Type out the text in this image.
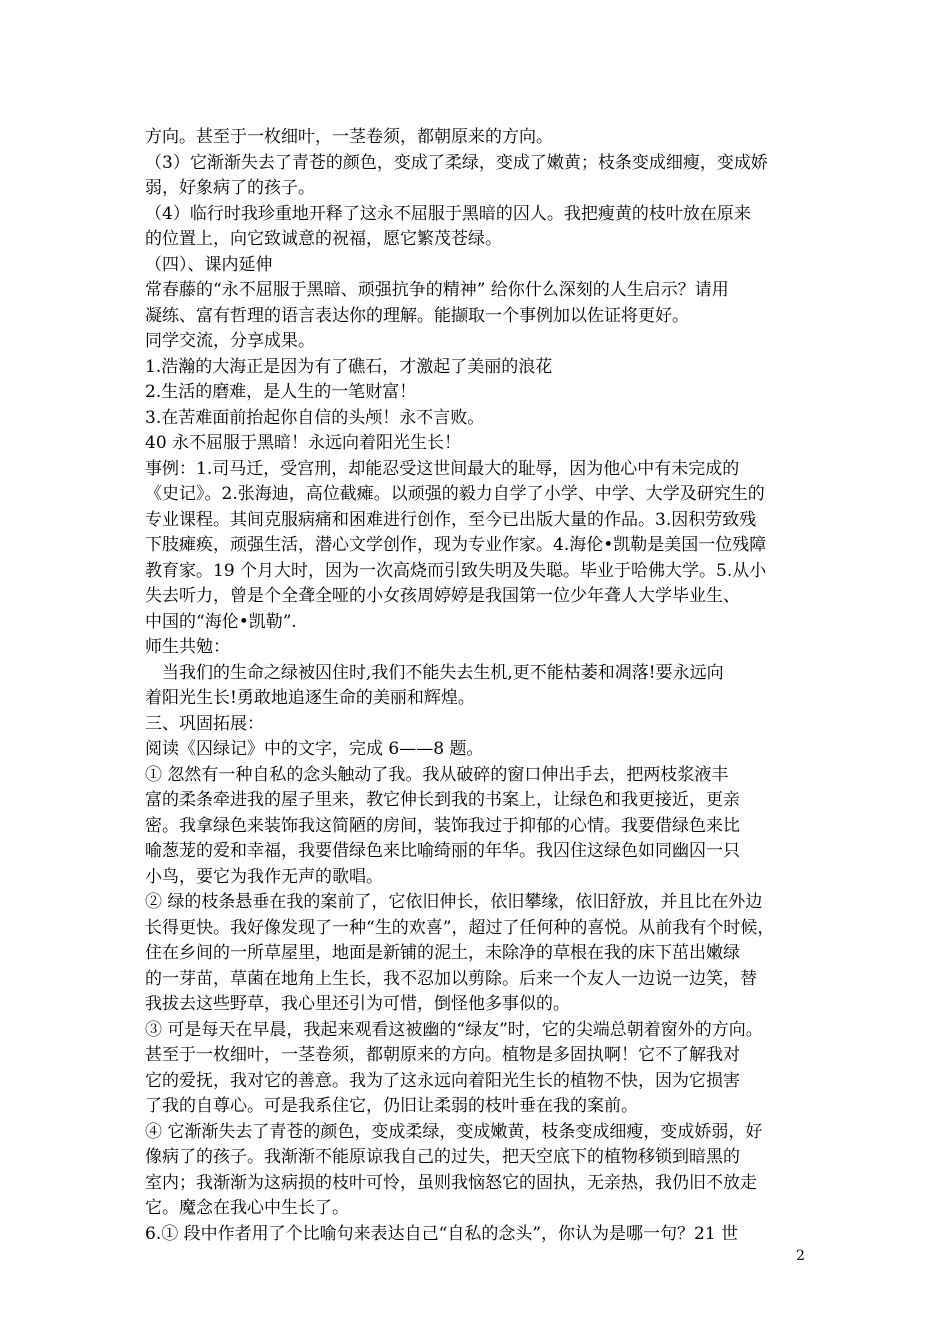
方向。甚至于一枚细叶，一茎卷须，都朝原来的方向。
（3）它渐渐失去了青苍的颜色，变成了柔绿，变成了嫩黄；枝条变成细瘦，变成娇
弱，好象病了的孩子。
（4）临行时我珍重地开释了这永不屈服于黑暗的囚人。我把瘦黄的枝叶放在原来
的位置上，向它致诚意的祝福，愿它繁茂苍绿。
（四）、课内延伸
常春藤的“永不屈服于黑暗、顽强抗争的精神” 给你什么深刻的人生启示？请用
凝练、富有哲理的语言表达你的理解。能撷取一个事例加以佐证将更好。
同学交流，分享成果。
1.浩瀚的大海正是因为有了礁石，才激起了美丽的浪花
2.生活的磨难，是人生的一笔财富！
3.在苦难面前抬起你自信的头颅！永不言败。
40 永不屈服于黑暗！永远向着阳光生长！
事例：1.司马迁，受宫刑，却能忍受这世间最大的耻辱，因为他心中有未完成的
《史记》。2.张海迪，高位截瘫。以顽强的毅力自学了小学、中学、大学及研究生的
专业课程。其间克服病痛和困难进行创作，至今已出版大量的作品。3.因积劳致残
下肢瘫痪，顽强生活，潜心文学创作，现为专业作家。4.海伦•凯勒是美国一位残障
教育家。19 个月大时，因为一次高烧而引致失明及失聪。毕业于哈佛大学。5.从小
失去听力，曾是个全聋全哑的小女孩周婷婷是我国第一位少年聋人大学毕业生、
中国的“海伦•凯勒”.
师生共勉：
当我们的生命之绿被囚住时,我们不能失去生机,更不能枯萎和凋落!要永远向
着阳光生长!勇敢地追逐生命的美丽和辉煌。
三、巩固拓展：
阅读《囚绿记》中的文字，完成 6——8 题。
① 忽然有一种自私的念头触动了我。我从破碎的窗口伸出手去，把两枝浆液丰
富的柔条牵进我的屋子里来，教它伸长到我的书案上，让绿色和我更接近，更亲
密。我拿绿色来装饰我这简陋的房间，装饰我过于抑郁的心情。我要借绿色来比
喻葱茏的爱和幸福，我要借绿色来比喻绮丽的年华。我囚住这绿色如同幽囚一只
小鸟，要它为我作无声的歌唱。
② 绿的枝条悬垂在我的案前了，它依旧伸长，依旧攀缘，依旧舒放，并且比在外边
长得更快。我好像发现了一种“生的欢喜”，超过了任何种的喜悦。从前我有个时候，
住在乡间的一所草屋里，地面是新铺的泥土，未除净的草根在我的床下茁出嫩绿
的一芽苗，草菌在地角上生长，我不忍加以剪除。后来一个友人一边说一边笑，替
我拔去这些野草，我心里还引为可惜，倒怪他多事似的。
③ 可是每天在早晨，我起来观看这被幽的“绿友”时，它的尖端总朝着窗外的方向。
甚至于一枚细叶，一茎卷须，都朝原来的方向。植物是多固执啊！它不了解我对
它的爱抚，我对它的善意。我为了这永远向着阳光生长的植物不快，因为它损害
了我的自尊心。可是我系住它，仍旧让柔弱的枝叶垂在我的案前。
④ 它渐渐失去了青苍的颜色，变成柔绿，变成嫩黄，枝条变成细瘦，变成娇弱，好
像病了的孩子。我渐渐不能原谅我自己的过失，把天空底下的植物移锁到暗黑的
室内；我渐渐为这病损的枝叶可怜，虽则我恼怒它的固执，无亲热，我仍旧不放走
它。魔念在我心中生长了。
6.① 段中作者用了个比喻句来表达自己“自私的念头”，你认为是哪一句？21 世
2
